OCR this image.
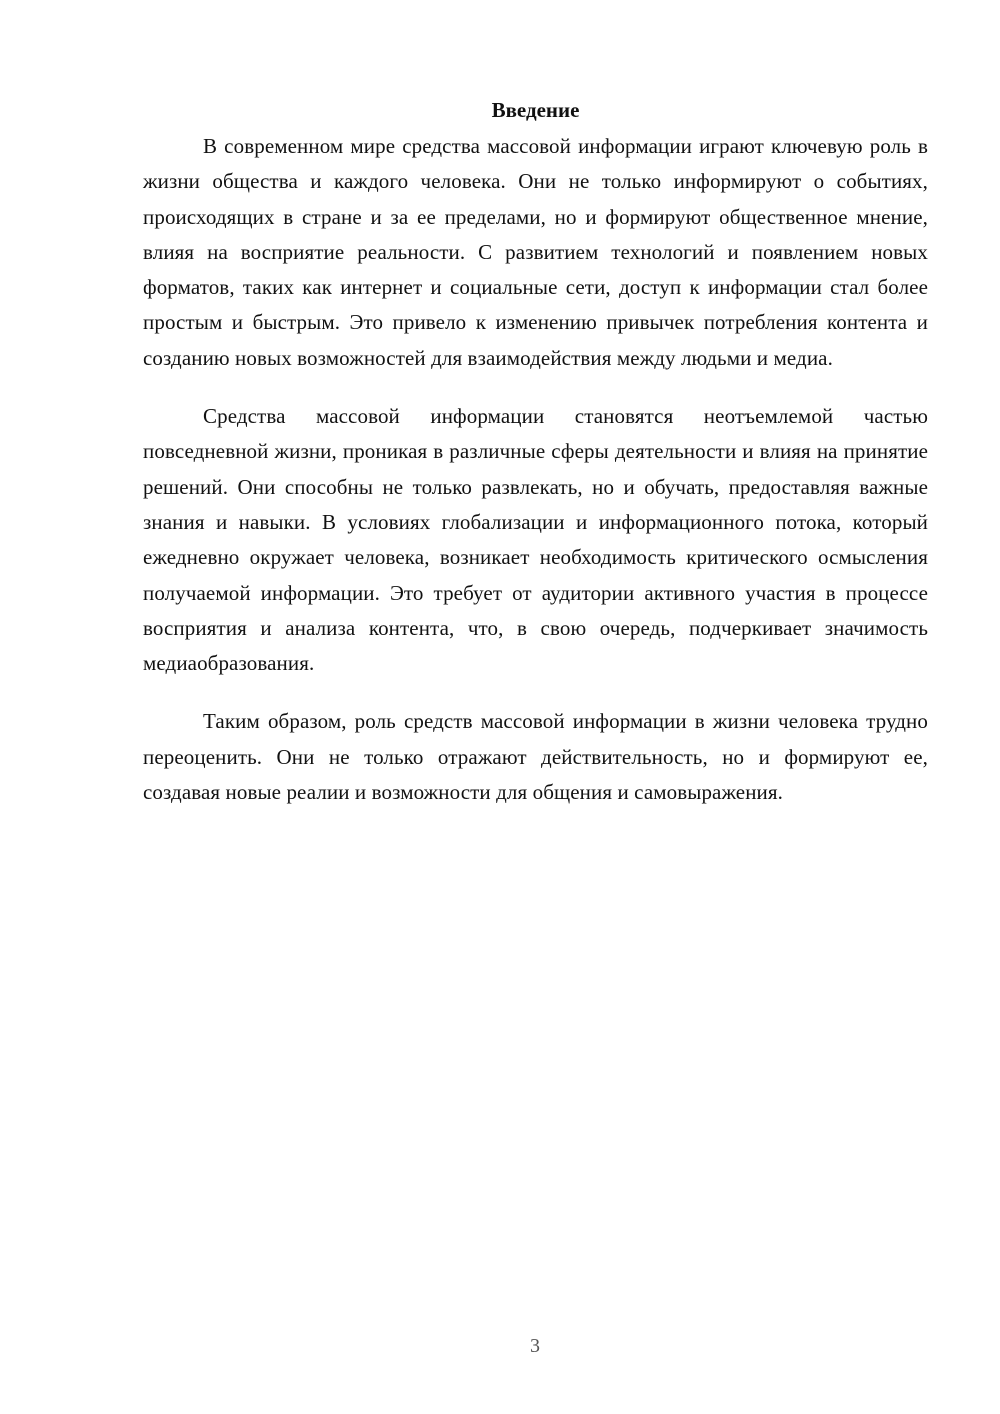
Введение

В современном мире средства массовой информации играют ключевую роль в жизни общества и каждого человека. Они не только информируют о событиях, происходящих в стране и за ее пределами, но и формируют общественное мнение, влияя на восприятие реальности. С развитием технологий и появлением новых форматов, таких как интернет и социальные сети, доступ к информации стал более простым и быстрым. Это привело к изменению привычек потребления контента и созданию новых возможностей для взаимодействия между людьми и медиа.

Средства массовой информации становятся неотъемлемой частью повседневной жизни, проникая в различные сферы деятельности и влияя на принятие решений. Они способны не только развлекать, но и обучать, предоставляя важные знания и навыки. В условиях глобализации и информационного потока, который ежедневно окружает человека, возникает необходимость критического осмысления получаемой информации. Это требует от аудитории активного участия в процессе восприятия и анализа контента, что, в свою очередь, подчеркивает значимость медиаобразования.

Таким образом, роль средств массовой информации в жизни человека трудно переоценить. Они не только отражают действительность, но и формируют ее, создавая новые реалии и возможности для общения и самовыражения.

3
